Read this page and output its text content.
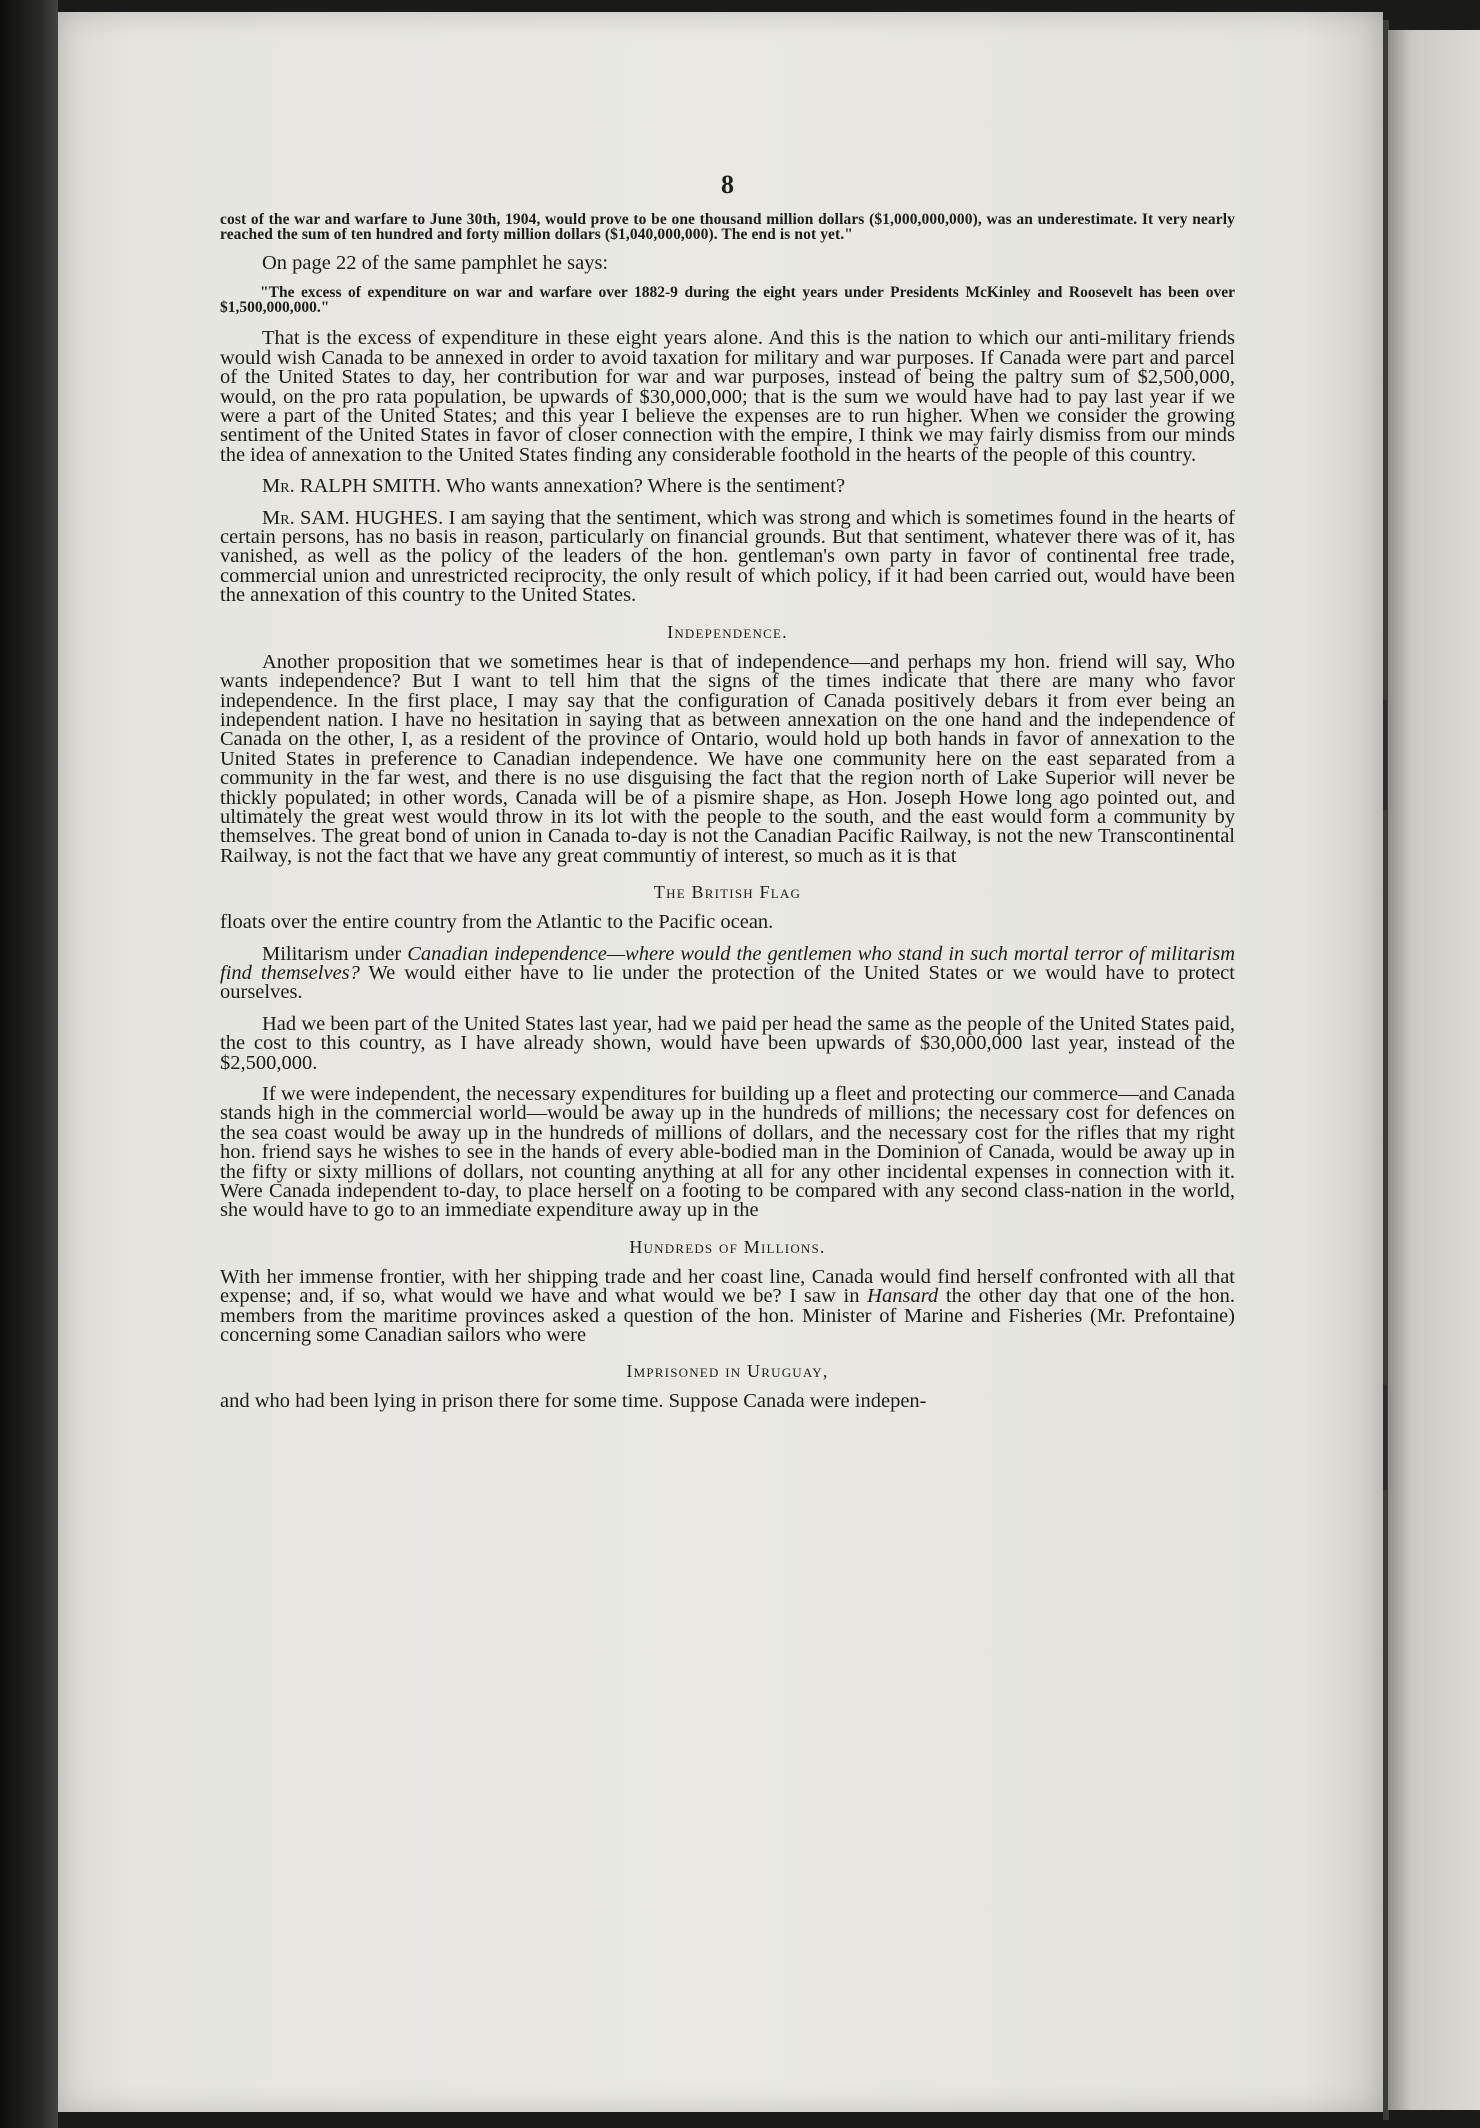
8
cost of the war and warfare to June 30th, 1904, would prove to be one thousand million dollars ($1,000,000,000), was an underestimate. It very nearly reached the sum of ten hundred and forty million dollars ($1,040,000,000). The end is not yet."

On page 22 of the same pamphlet he says:

"The excess of expenditure on war and warfare over 1882-9 during the eight years under Presidents McKinley and Roosevelt has been over $1,500,000,000."

That is the excess of expenditure in these eight years alone. And this is the nation to which our anti-military friends would wish Canada to be annexed in order to avoid taxation for military and war purposes. If Canada were part and parcel of the United States to day, her contribution for war and war purposes, instead of being the paltry sum of $2,500,000, would, on the pro rata population, be upwards of $30,000,000; that is the sum we would have had to pay last year if we were a part of the United States; and this year I believe the expenses are to run higher. When we consider the growing sentiment of the United States in favor of closer connection with the empire, I think we may fairly dismiss from our minds the idea of annexation to the United States finding any considerable foothold in the hearts of the people of this country.

Mr. RALPH SMITH. Who wants annexation? Where is the sentiment?

Mr. SAM. HUGHES. I am saying that the sentiment, which was strong and which is sometimes found in the hearts of certain persons, has no basis in reason, particularly on financial grounds. But that sentiment, whatever there was of it, has vanished, as well as the policy of the leaders of the hon. gentleman's own party in favor of continental free trade, commercial union and unrestricted reciprocity, the only result of which policy, if it had been carried out, would have been the annexation of this country to the United States.

Independence.

Another proposition that we sometimes hear is that of independence—and perhaps my hon. friend will say, Who wants independence? But I want to tell him that the signs of the times indicate that there are many who favor independence. In the first place, I may say that the configuration of Canada positively debars it from ever being an independent nation. I have no hesitation in saying that as between annexation on the one hand and the independence of Canada on the other, I, as a resident of the province of Ontario, would hold up both hands in favor of annexation to the United States in preference to Canadian independence. We have one community here on the east separated from a community in the far west, and there is no use disguising the fact that the region north of Lake Superior will never be thickly populated; in other words, Canada will be of a pismire shape, as Hon. Joseph Howe long ago pointed out, and ultimately the great west would throw in its lot with the people to the south, and the east would form a community by themselves. The great bond of union in Canada to-day is not the Canadian Pacific Railway, is not the new Transcontinental Railway, is not the fact that we have any great communtiy of interest, so much as it is that

The British Flag

floats over the entire country from the Atlantic to the Pacific ocean.

Militarism under Canadian independence—where would the gentlemen who stand in such mortal terror of militarism find themselves? We would either have to lie under the protection of the United States or we would have to protect ourselves.

Had we been part of the United States last year, had we paid per head the same as the people of the United States paid, the cost to this country, as I have already shown, would have been upwards of $30,000,000 last year, instead of the $2,500,000.

If we were independent, the necessary expenditures for building up a fleet and protecting our commerce—and Canada stands high in the commercial world—would be away up in the hundreds of millions; the necessary cost for defences on the sea coast would be away up in the hundreds of millions of dollars, and the necessary cost for the rifles that my right hon. friend says he wishes to see in the hands of every able-bodied man in the Dominion of Canada, would be away up in the fifty or sixty millions of dollars, not counting anything at all for any other incidental expenses in connection with it. Were Canada independent to-day, to place herself on a footing to be compared with any second class-nation in the world, she would have to go to an immediate expenditure away up in the

Hundreds of Millions.

With her immense frontier, with her shipping trade and her coast line, Canada would find herself confronted with all that expense; and, if so, what would we have and what would we be? I saw in Hansard the other day that one of the hon. members from the maritime provinces asked a question of the hon. Minister of Marine and Fisheries (Mr. Prefontaine) concerning some Canadian sailors who were

Imprisoned in Uruguay,

and who had been lying in prison there for some time. Suppose Canada were indepen-
